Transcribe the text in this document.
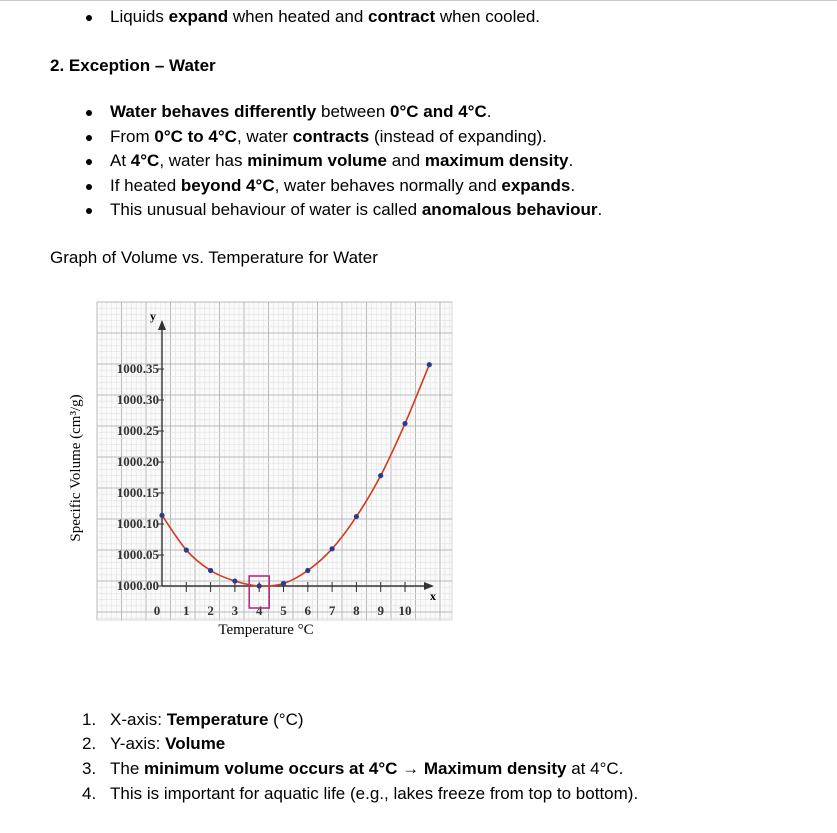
Liquids expand when heated and contract when cooled.
2. Exception – Water
Water behaves differently between 0°C and 4°C.
From 0°C to 4°C, water contracts (instead of expanding).
At 4°C, water has minimum volume and maximum density.
If heated beyond 4°C, water behaves normally and expands.
This unusual behaviour of water is called anomalous behaviour.
Graph of Volume vs. Temperature for Water
1000.00
1000.05
1000.10
1000.15
1000.20
1000.25
1000.30
1000.35
0 1 2 3 4 5 6 7 8 9 10
Specific Volume (cm³/g)
Temperature °C
y
x
1. X-axis: Temperature (°C)
2. Y-axis: Volume
3. The minimum volume occurs at 4°C → Maximum density at 4°C.
4. This is important for aquatic life (e.g., lakes freeze from top to bottom).
